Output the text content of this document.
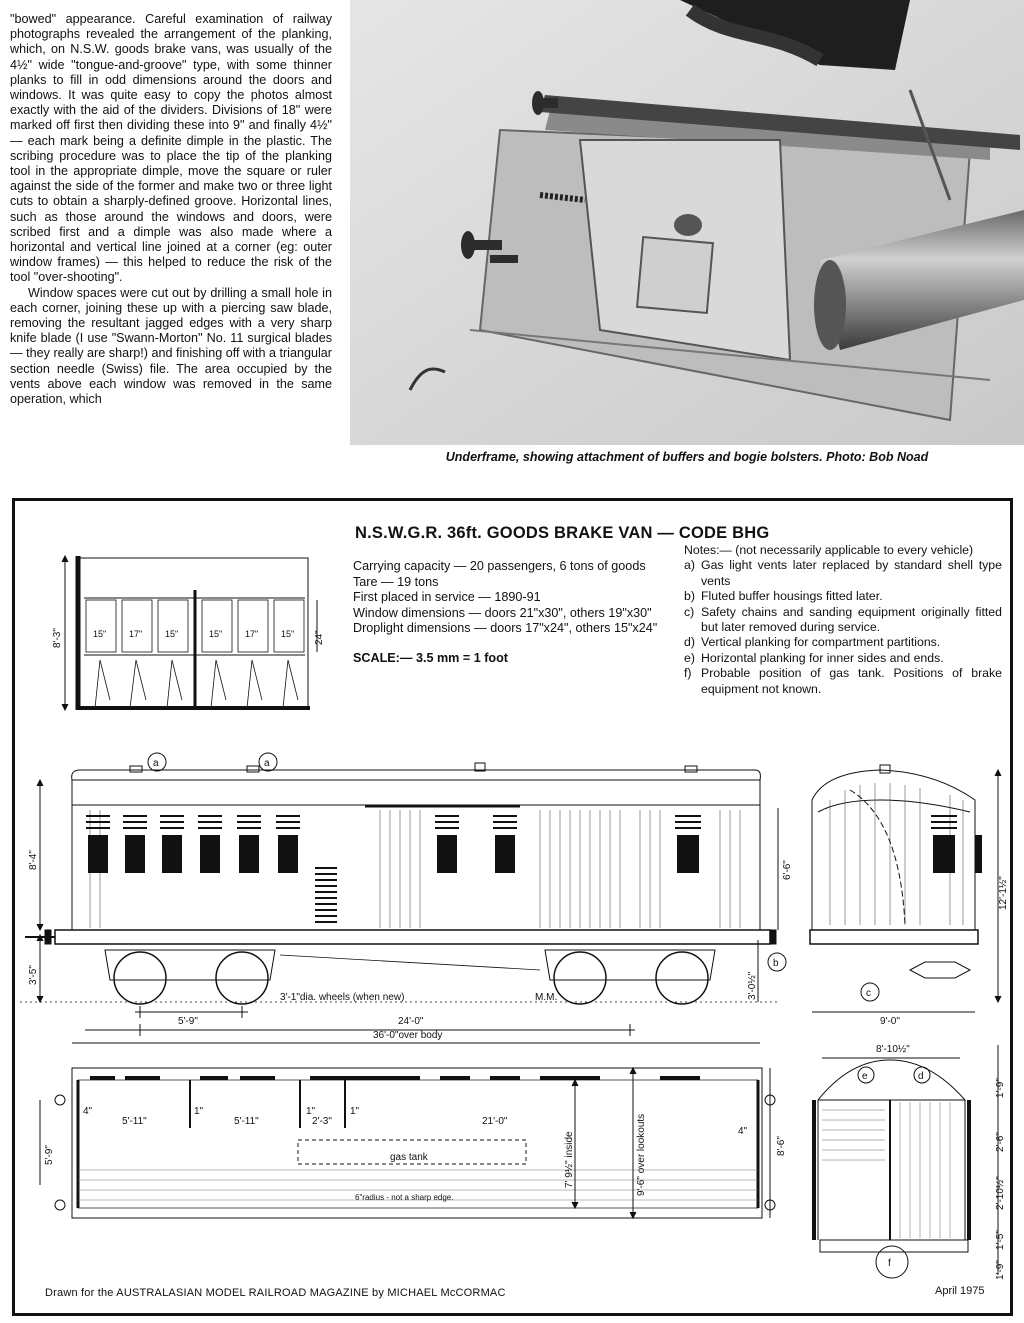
"bowed" appearance. Careful examination of railway photographs revealed the arrangement of the planking, which, on N.S.W. goods brake vans, was usually of the 4½" wide "tongue-and-groove" type, with some thinner planks to fill in odd dimensions around the doors and windows. It was quite easy to copy the photos almost exactly with the aid of the dividers. Divisions of 18" were marked off first then dividing these into 9" and finally 4½" — each mark being a definite dimple in the plastic. The scribing procedure was to place the tip of the planking tool in the appropriate dimple, move the square or ruler against the side of the former and make two or three light cuts to obtain a sharply-defined groove. Horizontal lines, such as those around the windows and doors, were scribed first and a dimple was also made where a horizontal and vertical line joined at a corner (eg: outer window frames) — this helped to reduce the risk of the tool "over-shooting".

Window spaces were cut out by drilling a small hole in each corner, joining these up with a piercing saw blade, removing the resultant jagged edges with a very sharp knife blade (I use "Swann-Morton" No. 11 surgical blades — they really are sharp!) and finishing off with a triangular section needle (Swiss) file. The area occupied by the vents above each window was removed in the same operation, which

Underframe, showing attachment of buffers and bogie bolsters. Photo: Bob Noad
N.S.W.G.R. 36ft. GOODS BRAKE VAN — CODE BHG
Carrying capacity — 20 passengers, 6 tons of goods
Tare — 19 tons
First placed in service — 1890-91
Window dimensions — doors 21"x30", others 19"x30"
Droplight dimensions — doors 17"x24", others 15"x24"
SCALE:— 3.5 mm = 1 foot
Notes:— (not necessarily applicable to every vehicle)
a) Gas light vents later replaced by standard shell type vents
b) Fluted buffer housings fitted later.
c) Safety chains and sanding equipment originally fitted but later removed during service.
d) Vertical planking for compartment partitions.
e) Horizontal planking for inner sides and ends.
f) Probable position of gas tank. Positions of brake equipment not known.
8'-3"	24"
15"	17"	15"	15"	17"	15"
a	a
b
8'-4"
3'-5"
6'-6"
3'-0½"
5'-9"
3'-1"dia. wheels (when new)	M.M.
24'-0"
36'-0"over body
12'-1½"
9'-0"
c
4"
5'-11"
1"
5'-11"
1"
2'-3"
1"
21'-0"
4"
gas tank
6"radius - not a sharp edge.
7' 9½" inside	9'-6" over lookouts	8'-6"
5'-9"
8'-10½"
e	d
f
1'-9"
2'-6"
2'-10½"
1'-5"
1'-9"
Drawn for the AUSTRALASIAN MODEL RAILROAD MAGAZINE by MICHAEL McCORMAC	April 1975
